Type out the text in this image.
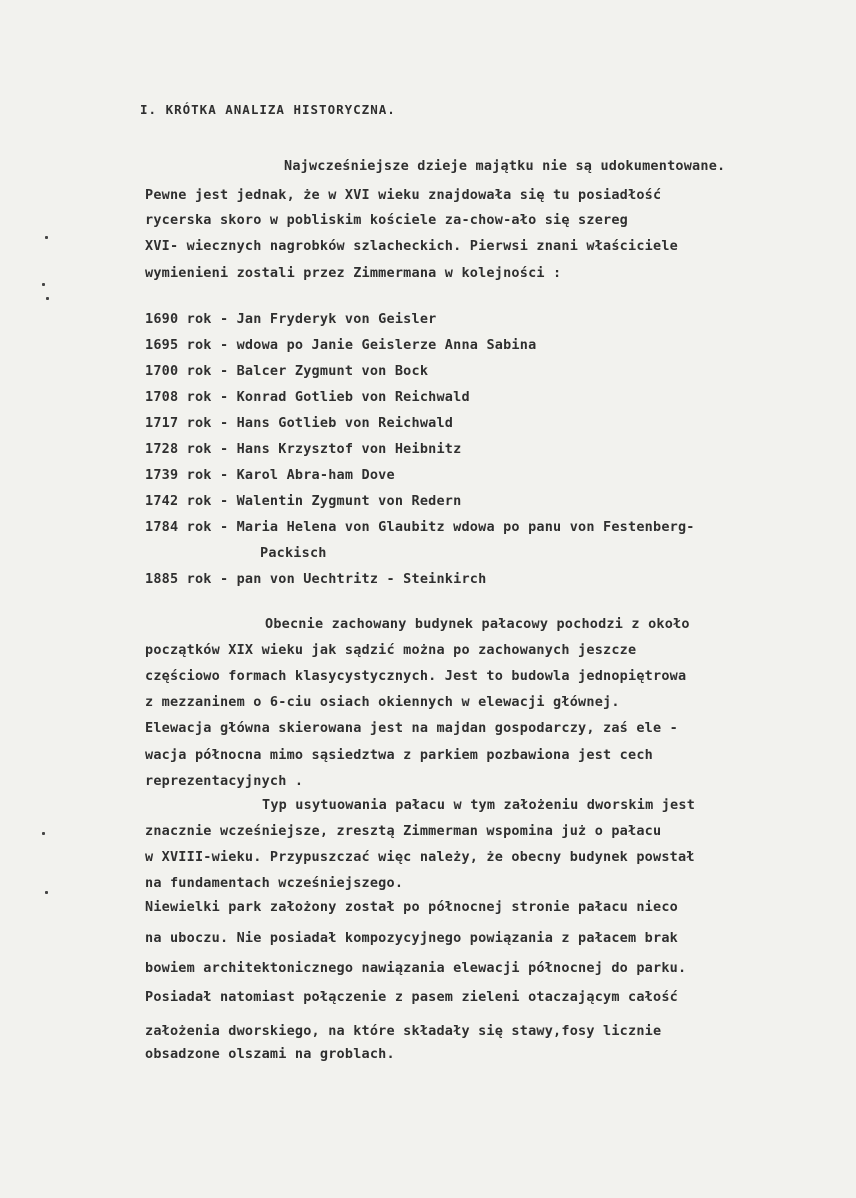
I. KRÓTKA ANALIZA HISTORYCZNA.
Najwcześniejsze dzieje majątku nie są udokumentowane.
Pewne jest jednak, że w XVI wieku znajdowała się tu posiadłość
rycerska skoro w pobliskim kościele za-chow-ało się szereg
XVI- wiecznych nagrobków szlacheckich. Pierwsi znani właściciele
wymienieni zostali przez Zimmermana w kolejności :
1690 rok - Jan Fryderyk von Geisler
1695 rok - wdowa po Janie Geislerze Anna Sabina
1700 rok - Balcer Zygmunt von Bock
1708 rok - Konrad Gotlieb von Reichwald
1717 rok - Hans Gotlieb von Reichwald
1728 rok - Hans Krzysztof von Heibnitz
1739 rok - Karol Abra-ham Dove
1742 rok - Walentin Zygmunt von Redern
1784 rok - Maria Helena von Glaubitz wdowa po panu von Festenberg-
Packisch
1885 rok - pan von Uechtritz - Steinkirch
Obecnie zachowany budynek pałacowy pochodzi z około
początków XIX wieku jak sądzić można po zachowanych jeszcze
częściowo formach klasycystycznych. Jest to budowla jednopiętrowa
z mezzaninem o 6-ciu osiach okiennych w elewacji głównej.
Elewacja główna skierowana jest na majdan gospodarczy, zaś ele -
wacja północna mimo sąsiedztwa z parkiem pozbawiona jest cech
reprezentacyjnych .
Typ usytuowania pałacu w tym założeniu dworskim jest
znacznie wcześniejsze, zresztą Zimmerman wspomina już o pałacu
w XVIII-wieku. Przypuszczać więc należy, że obecny budynek powstał
na fundamentach wcześniejszego.
Niewielki park założony został po północnej stronie pałacu nieco
na uboczu. Nie posiadał kompozycyjnego powiązania z pałacem brak
bowiem architektonicznego nawiązania elewacji północnej do parku.
Posiadał natomiast połączenie z pasem zieleni otaczającym całość
założenia dworskiego, na które składały się stawy,fosy licznie
obsadzone olszami na groblach.
